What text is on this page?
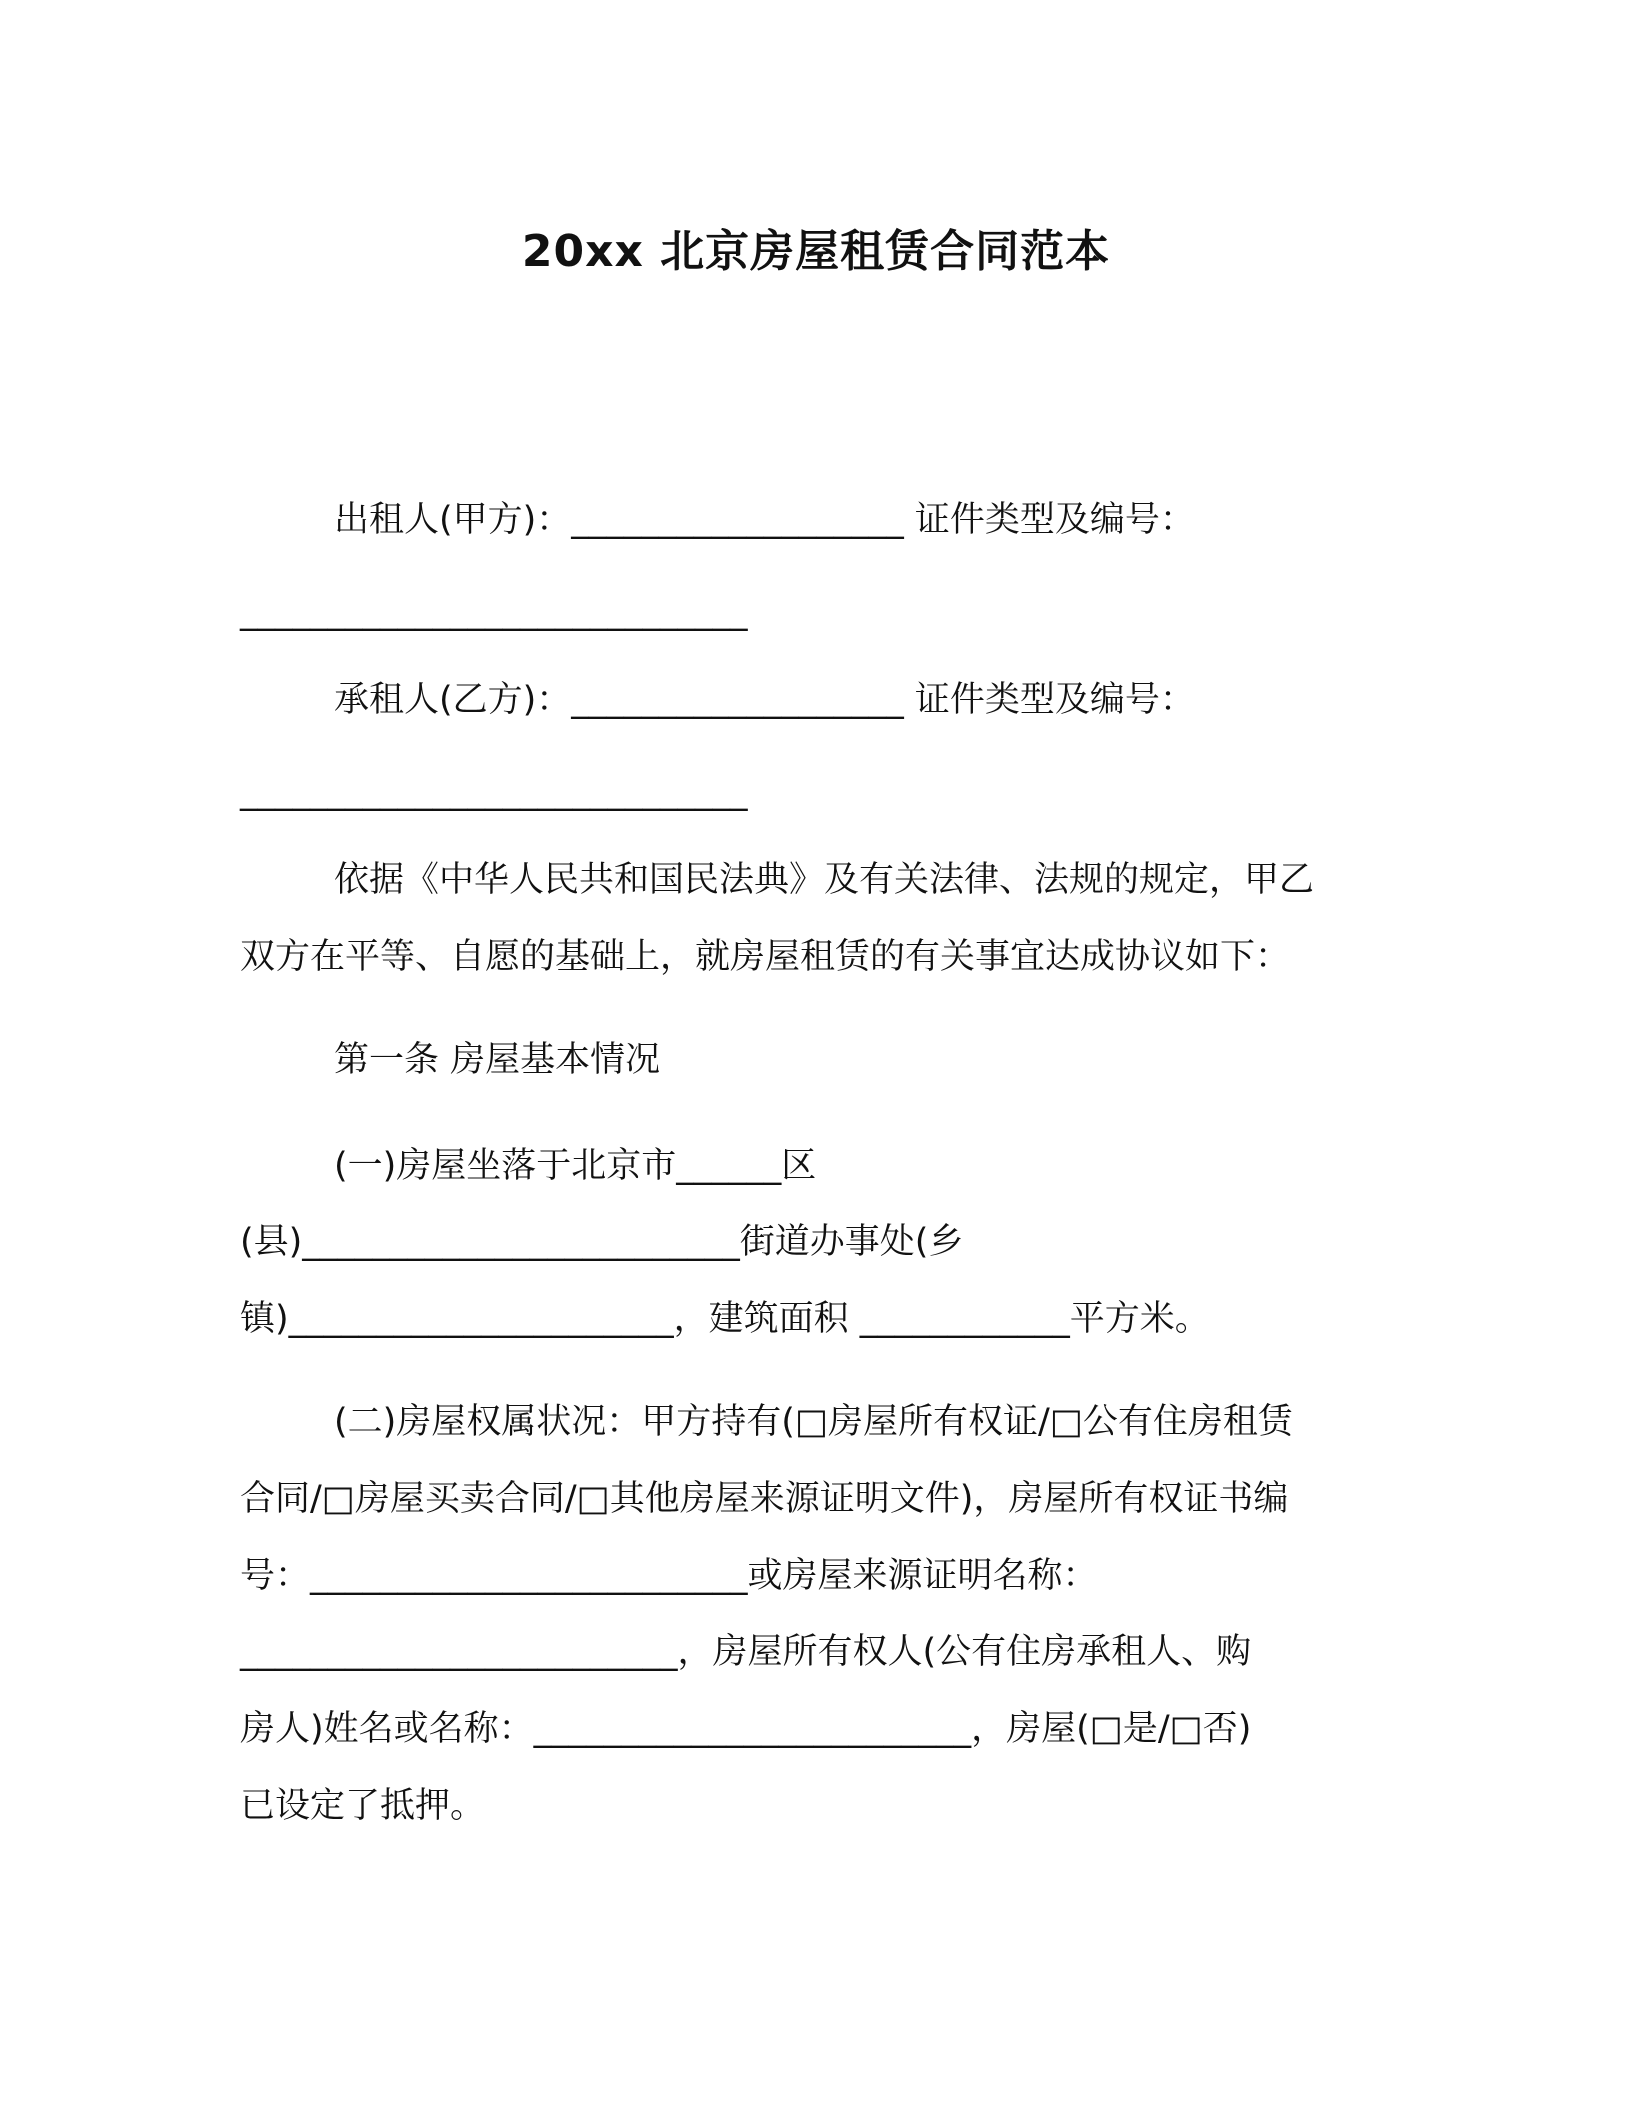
20xx 北京房屋租赁合同范本
出租人(甲方)：___________________ 证件类型及编号：
_____________________________
承租人(乙方)：___________________ 证件类型及编号：
_____________________________
依据《中华人民共和国民法典》及有关法律、法规的规定，甲乙
双方在平等、自愿的基础上，就房屋租赁的有关事宜达成协议如下：
第一条 房屋基本情况
(一)房屋坐落于北京市______区
(县)_________________________街道办事处(乡
镇)______________________，建筑面积 ____________平方米。
(二)房屋权属状况：甲方持有(□房屋所有权证/□公有住房租赁
合同/□房屋买卖合同/□其他房屋来源证明文件)，房屋所有权证书编
号：_________________________或房屋来源证明名称：
_________________________，房屋所有权人(公有住房承租人、购
房人)姓名或名称：_________________________，房屋(□是/□否)
已设定了抵押。
